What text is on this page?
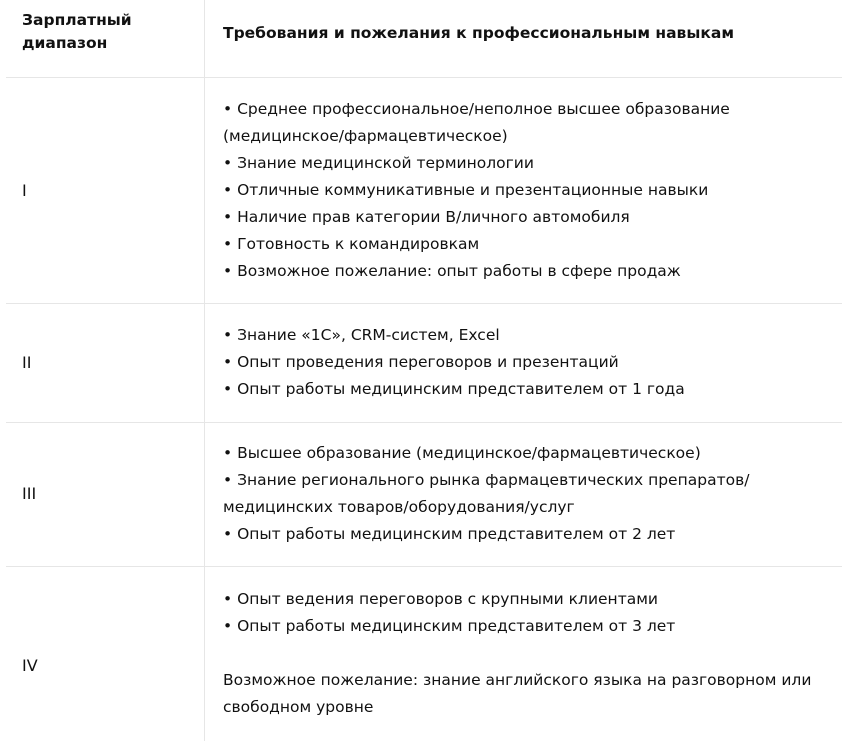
Зарплатный диапазон
Требования и пожелания к профессиональным навыкам
I
• Среднее профессиональное/неполное высшее образование
(медицинское/фармацевтическое)
• Знание медицинской терминологии
• Отличные коммуникативные и презентационные навыки
• Наличие прав категории B/личного автомобиля
• Готовность к командировкам
• Возможное пожелание: опыт работы в сфере продаж
II
• Знание «1С», CRM-систем, Excel
• Опыт проведения переговоров и презентаций
• Опыт работы медицинским представителем от 1 года
III
• Высшее образование (медицинское/фармацевтическое)
• Знание регионального рынка фармацевтических препаратов/
медицинских товаров/оборудования/услуг
• Опыт работы медицинским представителем от 2 лет
IV
• Опыт ведения переговоров с крупными клиентами
• Опыт работы медицинским представителем от 3 лет
Возможное пожелание: знание английского языка на разговорном или
свободном уровне
